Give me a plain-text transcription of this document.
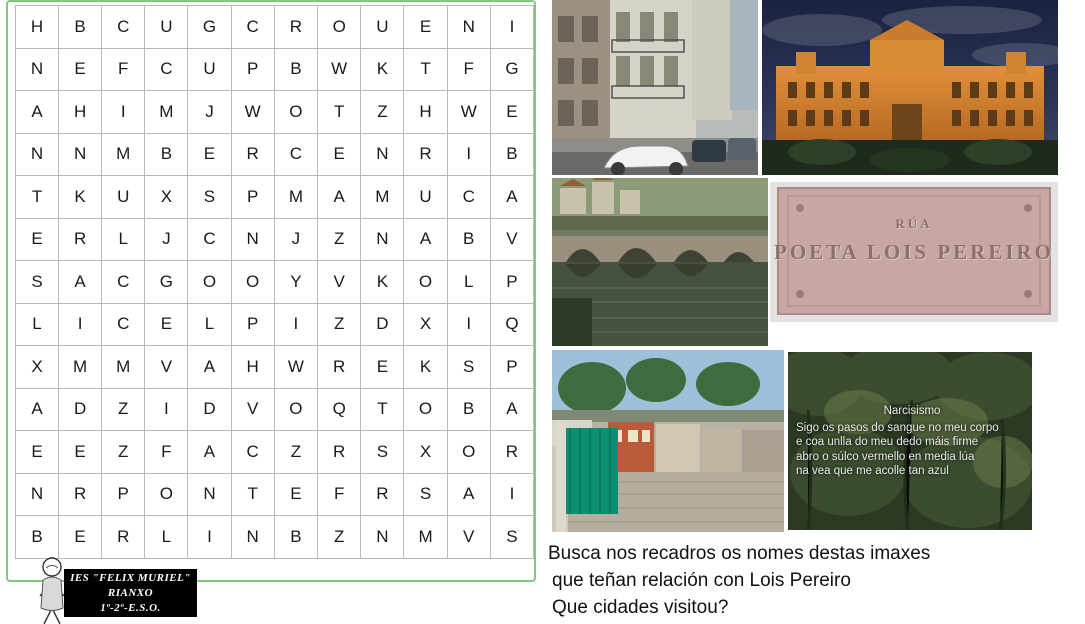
H	B	C	U	G	C	R	O	U	E	N	I
N	E	F	C	U	P	B	W	K	T	F	G
A	H	I	M	J	W	O	T	Z	H	W	E
N	N	M	B	E	R	C	E	N	R	I	B
T	K	U	X	S	P	M	A	M	U	C	A
E	R	L	J	C	N	J	Z	N	A	B	V
S	A	C	G	O	O	Y	V	K	O	L	P
L	I	C	E	L	P	I	Z	D	X	I	Q
X	M	M	V	A	H	W	R	E	K	S	P
A	D	Z	I	D	V	O	Q	T	O	B	A
E	E	Z	F	A	C	Z	R	S	X	O	R
N	R	P	O	N	T	E	F	R	S	A	I
B	E	R	L	I	N	B	Z	N	M	V	S
IES "FELIX MURIEL"
RIANXO
1º-2º-E.S.O.
RÚA
POETA LOIS PEREIRO
Narcisismo
Sigo os pasos do sangue no meu corpo
e coa unlla do meu dedo máis firme
abro o súlco vermello en media lúa
na vea que me acolle tan azul
Busca nos recadros os nomes destas imaxes
que teñan relación con Lois Pereiro
Que cidades visitou?
